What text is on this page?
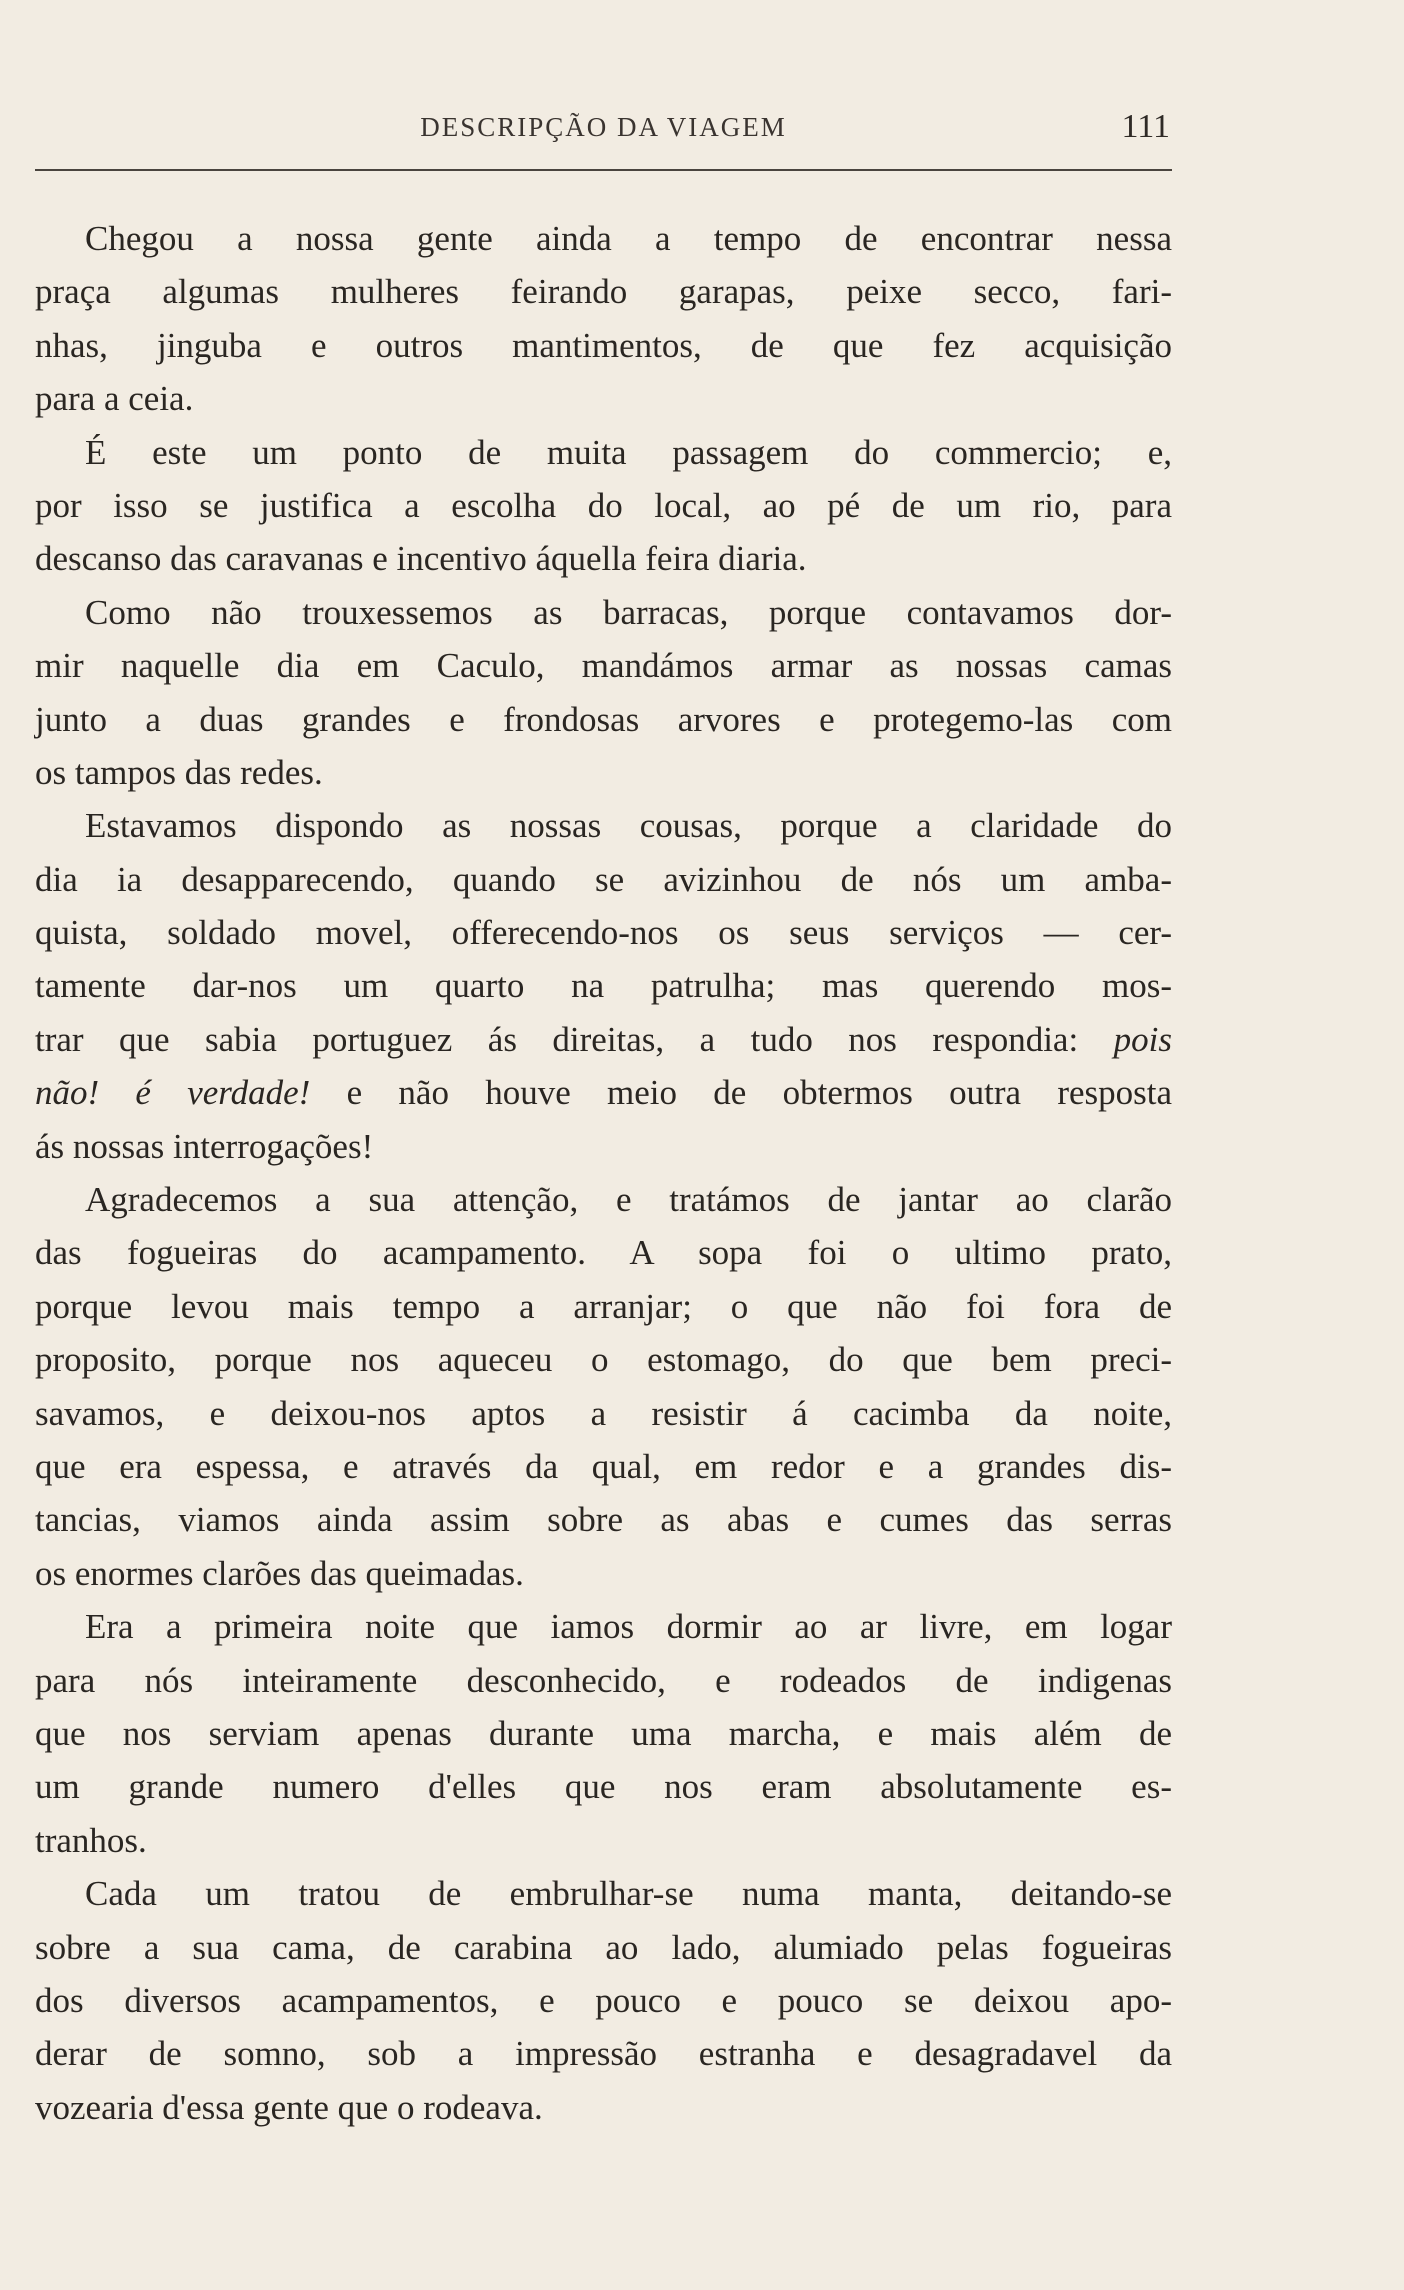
DESCRIPÇÃO DA VIAGEM	111
Chegou a nossa gente ainda a tempo de encontrar nessa
praça algumas mulheres feirando garapas, peixe secco, fari-
nhas, jinguba e outros mantimentos, de que fez acquisição
para a ceia.
É este um ponto de muita passagem do commercio; e,
por isso se justifica a escolha do local, ao pé de um rio, para
descanso das caravanas e incentivo áquella feira diaria.
Como não trouxessemos as barracas, porque contavamos dor-
mir naquelle dia em Caculo, mandámos armar as nossas camas
junto a duas grandes e frondosas arvores e protegemo-las com
os tampos das redes.
Estavamos dispondo as nossas cousas, porque a claridade do
dia ia desapparecendo, quando se avizinhou de nós um amba-
quista, soldado movel, offerecendo-nos os seus serviços — cer-
tamente dar-nos um quarto na patrulha; mas querendo mos-
trar que sabia portuguez ás direitas, a tudo nos respondia: pois
não! é verdade! e não houve meio de obtermos outra resposta
ás nossas interrogações!
Agradecemos a sua attenção, e tratámos de jantar ao clarão
das fogueiras do acampamento. A sopa foi o ultimo prato,
porque levou mais tempo a arranjar; o que não foi fora de
proposito, porque nos aqueceu o estomago, do que bem preci-
savamos, e deixou-nos aptos a resistir á cacimba da noite,
que era espessa, e através da qual, em redor e a grandes dis-
tancias, viamos ainda assim sobre as abas e cumes das serras
os enormes clarões das queimadas.
Era a primeira noite que iamos dormir ao ar livre, em logar
para nós inteiramente desconhecido, e rodeados de indigenas
que nos serviam apenas durante uma marcha, e mais além de
um grande numero d'elles que nos eram absolutamente es-
tranhos.
Cada um tratou de embrulhar-se numa manta, deitando-se
sobre a sua cama, de carabina ao lado, alumiado pelas fogueiras
dos diversos acampamentos, e pouco e pouco se deixou apo-
derar de somno, sob a impressão estranha e desagradavel da
vozearia d'essa gente que o rodeava.
